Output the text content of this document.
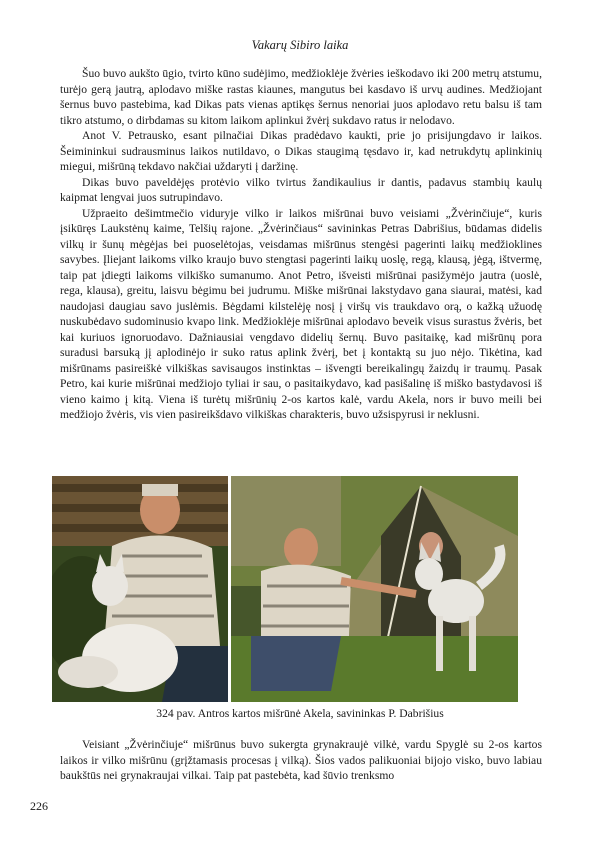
Vakarų Sibiro laika

Šuo buvo aukšto ūgio, tvirto kūno sudėjimo, medžioklėje žvėries ieškodavo iki 200 metrų atstumu, turėjo gerą jautrą, aplodavo miške rastas kiaunes, mangutus bei kasdavo iš urvų audines. Medžiojant šernus buvo pastebima, kad Dikas pats vienas aptikęs šernus nenoriai juos aplodavo retu balsu iš tam tikro atstumo, o dirbdamas su kitom laikom aplinkui žvėrį sukdavo ratus ir nelodavo.

Anot V. Petrausko, esant pilnačiai Dikas pradėdavo kaukti, prie jo prisijungdavo ir laikos. Šeimininkui sudrausminus laikos nutildavo, o Dikas staugimą tęsdavo ir, kad netrukdytų aplinkinių miegui, mišrūną tekdavo nakčiai uždaryti į daržinę.

Dikas buvo paveldėjęs protėvio vilko tvirtus žandikaulius ir dantis, padavus stambių kaulų kaipmat lengvai juos sutrupindavo.

Užpraeito dešimtmečio viduryje vilko ir laikos mišrūnai buvo veisiami „Žvėrinčiuje“, kuris įsikūręs Laukstėnų kaime, Telšių rajone. „Žvėrinčiaus“ savininkas Petras Dabrišius, būdamas didelis vilkų ir šunų mėgėjas bei puoselėtojas, veisdamas mišrūnus stengėsi pagerinti laikų medžioklines savybes. Įliejant laikoms vilko kraujo buvo stengtasi pagerinti laikų uoslę, regą, klausą, jėgą, ištvermę, taip pat įdiegti laikoms vilkiško sumanumo. Anot Petro, išveisti mišrūnai pasižymėjo jautra (uoslė, rega, klausa), greitu, laisvu bėgimu bei judrumu. Miške mišrūnai lakstydavo gana siaurai, matėsi, kad naudojasi daugiau savo juslėmis. Bėgdami kilstelėję nosį į viršų vis traukdavo orą, o kažką užuodę nuskubėdavo sudominusio kvapo link. Medžioklėje mišrūnai aplodavo beveik visus surastus žvėris, bet kai kuriuos ignoruodavo. Dažniausiai vengdavo didelių šernų. Buvo pasitaikę, kad mišrūnų pora suradusi barsuką jį aplodinėjo ir suko ratus aplink žvėrį, bet į kontaktą su juo nėjo. Tikėtina, kad mišrūnams pasireiškė vilkiškas savisaugos instinktas – išvengti bereikalingų žaizdų ir traumų. Pasak Petro, kai kurie mišrūnai medžiojo tyliai ir sau, o pasitaikydavo, kad pasišalinę iš miško bastydavosi iš vieno kaimo į kitą. Viena iš turėtų mišrūnių 2-os kartos kalė, vardu Akela, nors ir buvo meili bei medžiojo žvėris, vis vien pasireikšdavo vilkiškas charakteris, buvo užsispyrusi ir neklusni.

324 pav. Antros kartos mišrūnė Akela, savininkas P. Dabrišius

Veisiant „Žvėrinčiuje“ mišrūnus buvo sukergta grynakraujė vilkė, vardu Spyglė su 2-os kartos laikos ir vilko mišrūnu (grįžtamasis procesas į vilką). Šios vados palikuoniai bijojo visko, buvo labiau baukštūs nei grynakraujai vilkai. Taip pat pastebėta, kad šūvio trenksmo

226
